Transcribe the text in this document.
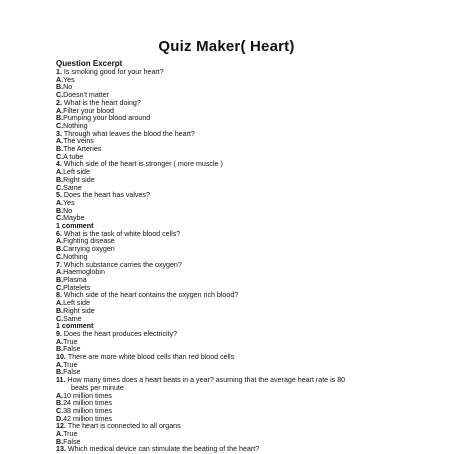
Quiz Maker( Heart)
Question Excerpt
1. Is smoking good for your heart?
A.Yes
B.No
C.Doesn't matter
2. What is the heart doing?
A.Filter your blood
B.Pumping your blood around
C.Nothing
3. Through what leaves the blood the heart?
A.The veins
B.The Arteries
C.A tube
4. Which side of the heart is stronger ( more muscle )
A.Left side
B.Right side
C.Same
5. Does the heart has valves?
A.Yes
B.No
C.Maybe
1 comment
6. What is the task of white blood cells?
A.Fighting disease
B.Carrying oxygen
C.Nothing
7. Which substance carries the oxygen?
A.Haemoglobin
B.Plasma
C.Platelets
8. Which side of the heart contains the oxygen rich blood?
A.Left side
B.Right side
C.Same
1 comment
9. Does the heart produces electricity?
A.True
B.False
10. There are more white blood cells than red blood cells
A.True
B.False
11. How many times does a heart beats in a year? asuming that the average heart rate is 80
beats per minute
A.10 million times
B.24 million times
C.38 million times
D.42 million times
12. The heart is connected to all organs
A.True
B.False
13. Which medical device can stimulate the beating of the heart?
